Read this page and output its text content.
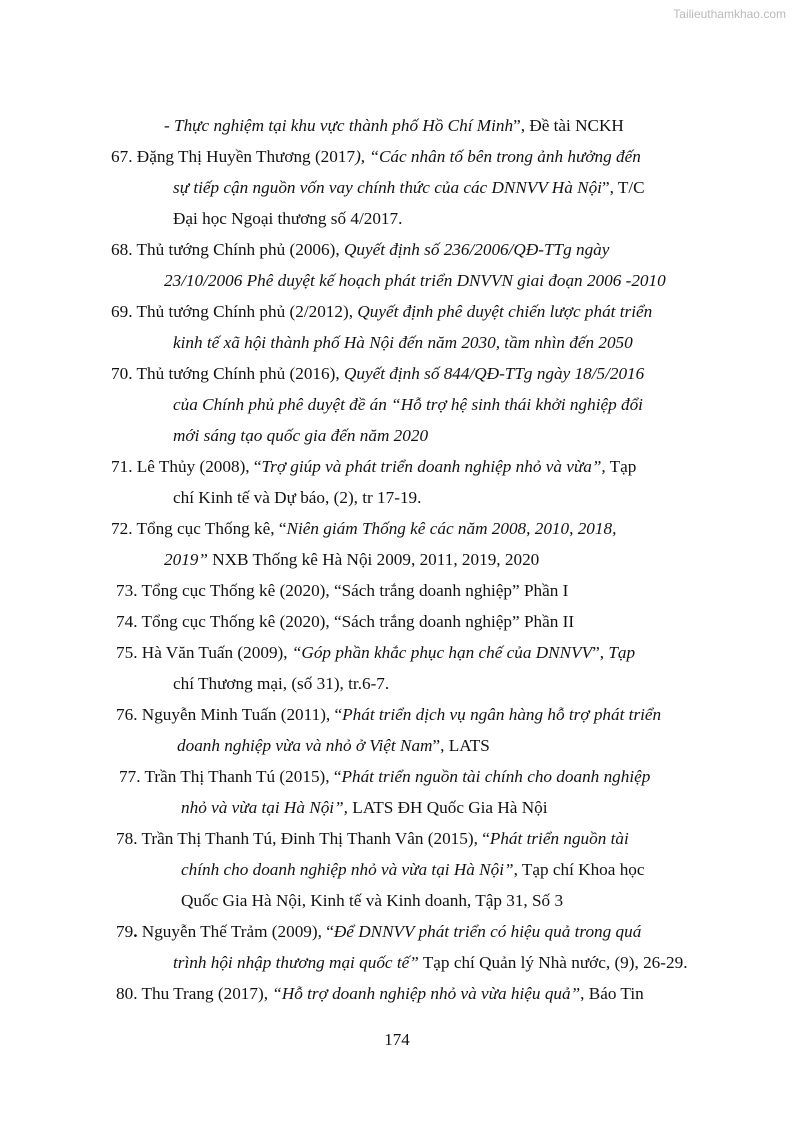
Tailieuthamkhao.com
- Thực nghiệm tại khu vực thành phố Hồ Chí Minh”, Đề tài NCKH
67. Đặng Thị Huyền Thương (2017), “Các nhân tố bên trong ảnh hưởng đến
sự tiếp cận nguồn vốn vay chính thức của các DNNVV Hà Nội”, T/C
Đại học Ngoại thương số 4/2017.
68. Thủ tướng Chính phủ (2006), Quyết định số 236/2006/QĐ-TTg ngày
23/10/2006 Phê duyệt kế hoạch phát triển DNVVN giai đoạn 2006 -2010
69. Thủ tướng Chính phủ (2/2012), Quyết định phê duyệt chiến lược phát triển
kinh tế xã hội thành phố Hà Nội đến năm 2030, tầm nhìn đến 2050
70. Thủ tướng Chính phủ (2016), Quyết định số 844/QĐ-TTg ngày 18/5/2016
của Chính phủ phê duyệt đề án “Hỗ trợ hệ sinh thái khởi nghiệp đổi
mới sáng tạo quốc gia đến năm 2020
71. Lê Thủy (2008), “Trợ giúp và phát triển doanh nghiệp nhỏ và vừa”, Tạp
chí Kinh tế và Dự báo, (2), tr 17-19.
72. Tổng cục Thống kê, “Niên giám Thống kê các năm 2008, 2010, 2018,
2019” NXB Thống kê Hà Nội 2009, 2011, 2019, 2020
73. Tổng cục Thống kê (2020), “Sách trắng doanh nghiệp” Phần I
74. Tổng cục Thống kê (2020), “Sách trắng doanh nghiệp” Phần II
75. Hà Văn Tuấn (2009), “Góp phần khắc phục hạn chế của DNNVV”, Tạp
chí Thương mại, (số 31), tr.6-7.
76. Nguyễn Minh Tuấn (2011), “Phát triển dịch vụ ngân hàng hỗ trợ phát triển
doanh nghiệp vừa và nhỏ ở Việt Nam”, LATS
77. Trần Thị Thanh Tú (2015), “Phát triển nguồn tài chính cho doanh nghiệp
nhỏ và vừa tại Hà Nội”, LATS ĐH Quốc Gia Hà Nội
78. Trần Thị Thanh Tú, Đinh Thị Thanh Vân (2015), “Phát triển nguồn tài
chính cho doanh nghiệp nhỏ và vừa tại Hà Nội”, Tạp chí Khoa học
Quốc Gia Hà Nội, Kinh tế và Kinh doanh, Tập 31, Số 3
79. Nguyễn Thế Trảm (2009), “Để DNNVV phát triển có hiệu quả trong quá
trình hội nhập thương mại quốc tế” Tạp chí Quản lý Nhà nước, (9), 26-29.
80. Thu Trang (2017), “Hỗ trợ doanh nghiệp nhỏ và vừa hiệu quả”, Báo Tin
174
